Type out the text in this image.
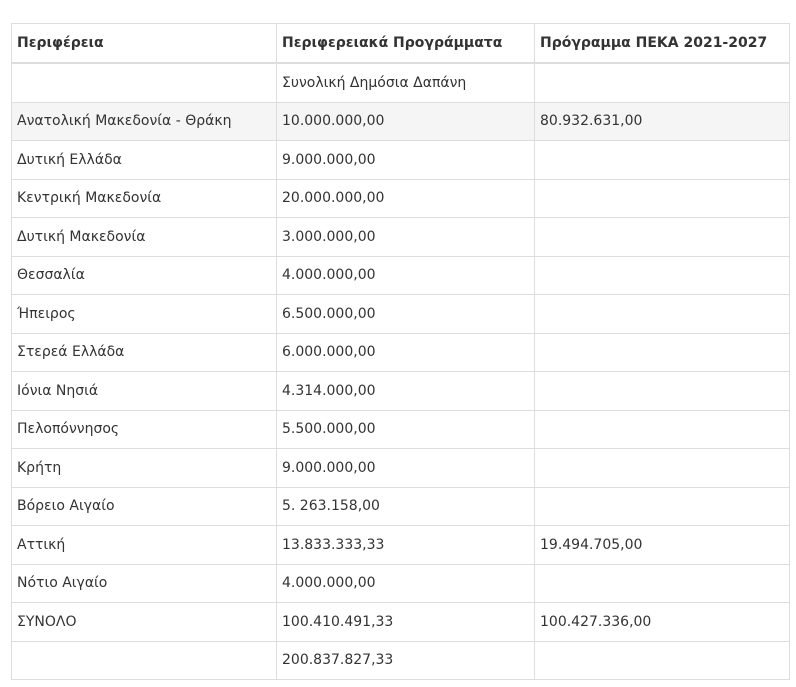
Περιφέρεια	Περιφερειακά Προγράμματα	Πρόγραμμα ΠΕΚΑ 2021-2027
	Συνολική Δημόσια Δαπάνη	
Ανατολική Μακεδονία - Θράκη	10.000.000,00	80.932.631,00
Δυτική Ελλάδα	9.000.000,00	
Κεντρική Μακεδονία	20.000.000,00	
Δυτική Μακεδονία	3.000.000,00	
Θεσσαλία	4.000.000,00	
Ήπειρος	6.500.000,00	
Στερεά Ελλάδα	6.000.000,00	
Ιόνια Νησιά	4.314.000,00	
Πελοπόννησος	5.500.000,00	
Κρήτη	9.000.000,00	
Βόρειο Αιγαίο	5. 263.158,00	
Αττική	13.833.333,33	19.494.705,00
Νότιο Αιγαίο	4.000.000,00	
ΣΥΝΟΛΟ	100.410.491,33	100.427.336,00
	200.837.827,33	
